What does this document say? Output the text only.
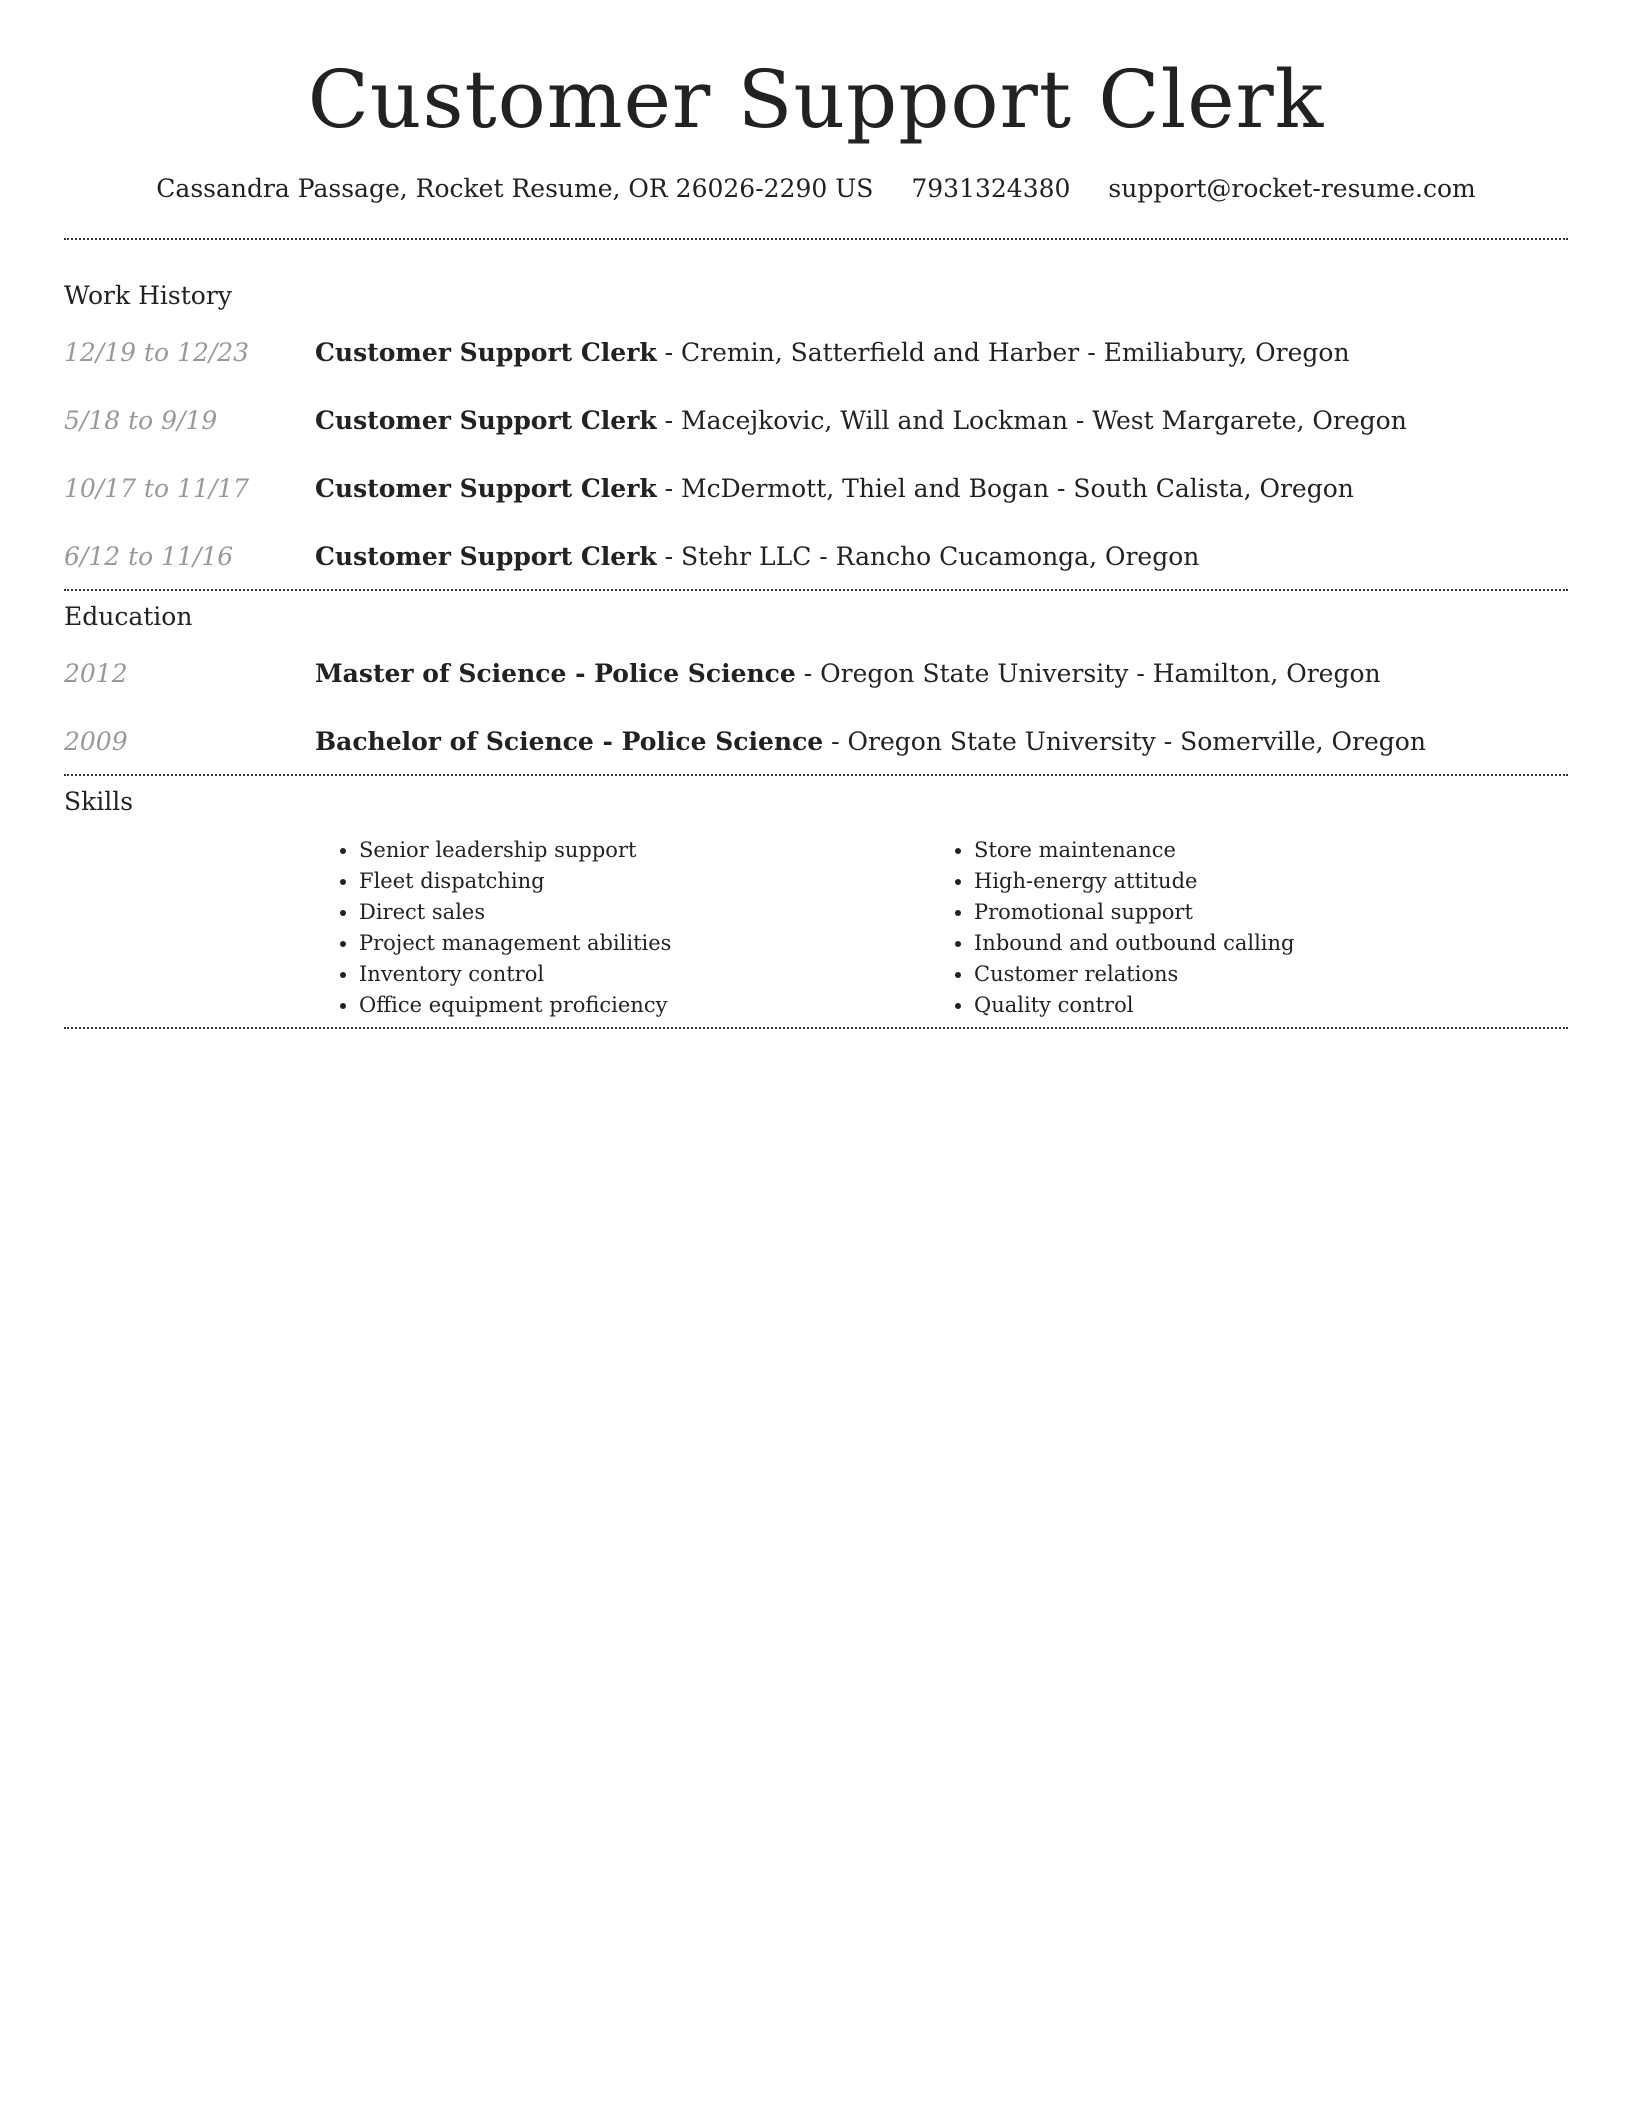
Customer Support Clerk
Cassandra Passage, Rocket Resume, OR 26026-2290 US 7931324380 support@rocket-resume.com
Work History
12/19 to 12/23	Customer Support Clerk - Cremin, Satterfield and Harber - Emiliabury, Oregon
5/18 to 9/19	Customer Support Clerk - Macejkovic, Will and Lockman - West Margarete, Oregon
10/17 to 11/17	Customer Support Clerk - McDermott, Thiel and Bogan - South Calista, Oregon
6/12 to 11/16	Customer Support Clerk - Stehr LLC - Rancho Cucamonga, Oregon
Education
2012	Master of Science - Police Science - Oregon State University - Hamilton, Oregon
2009	Bachelor of Science - Police Science - Oregon State University - Somerville, Oregon
Skills
• Senior leadership support
• Fleet dispatching
• Direct sales
• Project management abilities
• Inventory control
• Office equipment proficiency
• Store maintenance
• High-energy attitude
• Promotional support
• Inbound and outbound calling
• Customer relations
• Quality control
